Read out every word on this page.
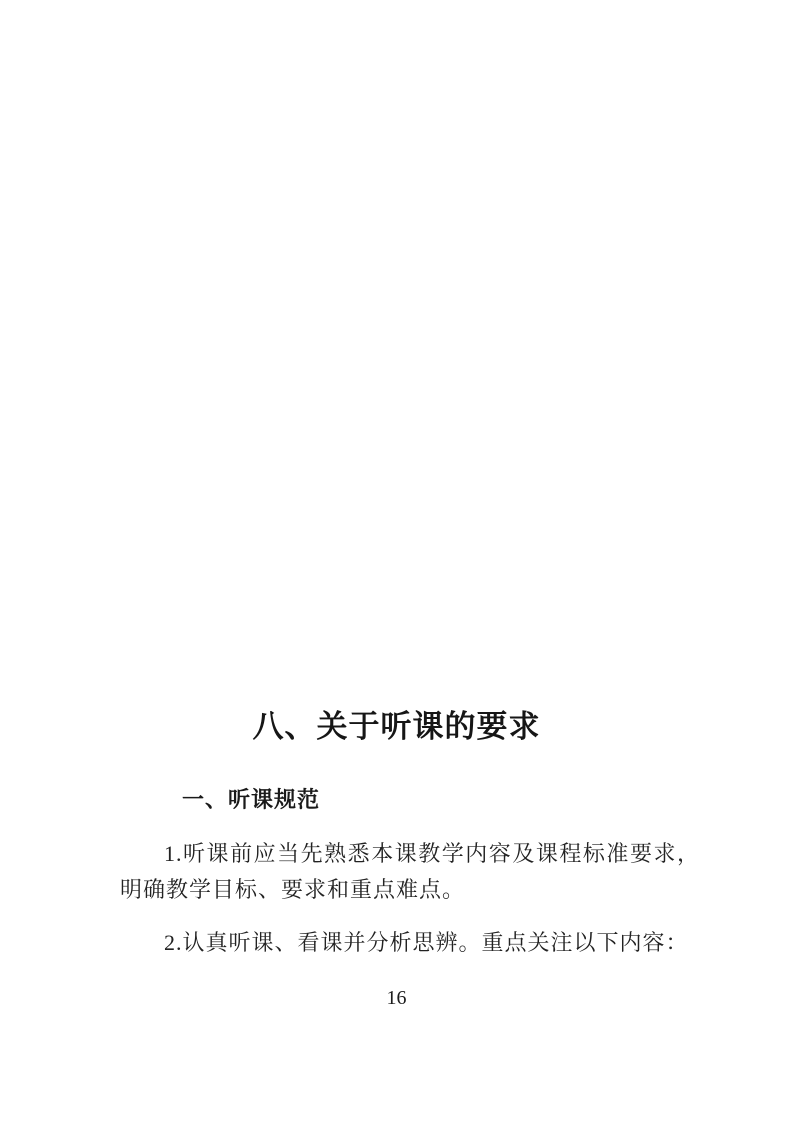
八、关于听课的要求
一、听课规范

1.听课前应当先熟悉本课教学内容及课程标准要求，明确教学目标、要求和重点难点。

2.认真听课、看课并分析思辨。重点关注以下内容：

16
